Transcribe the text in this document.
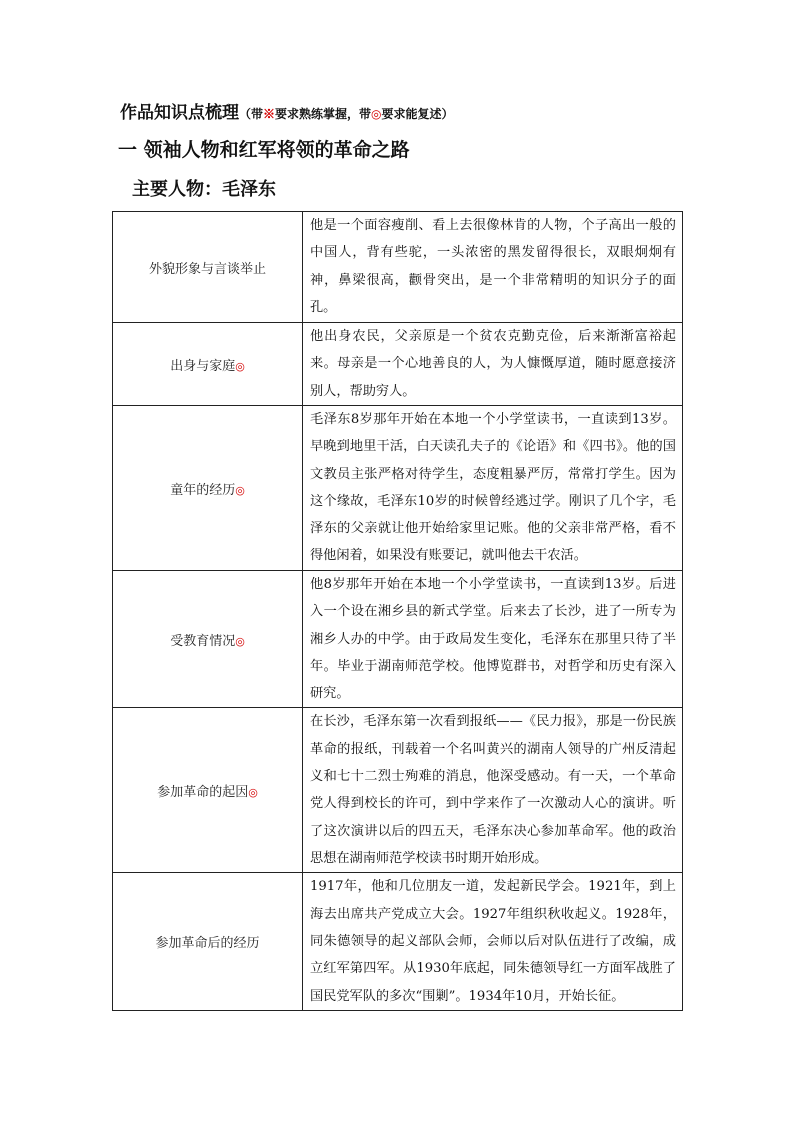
作品知识点梳理（带※要求熟练掌握，带◎要求能复述）
一 领袖人物和红军将领的革命之路
主要人物：毛泽东
外貌形象与言谈举止	他是一个面容瘦削、看上去很像林肯的人物，个子高出一般的中国人，背有些驼，一头浓密的黑发留得很长，双眼炯炯有神，鼻梁很高，颧骨突出，是一个非常精明的知识分子的面孔。
出身与家庭◎	他出身农民，父亲原是一个贫农克勤克俭，后来渐渐富裕起来。母亲是一个心地善良的人，为人慷慨厚道，随时愿意接济别人，帮助穷人。
童年的经历◎	毛泽东8岁那年开始在本地一个小学堂读书，一直读到13岁。早晚到地里干活，白天读孔夫子的《论语》和《四书》。他的国文教员主张严格对待学生，态度粗暴严厉，常常打学生。因为这个缘故，毛泽东10岁的时候曾经逃过学。刚识了几个字，毛泽东的父亲就让他开始给家里记账。他的父亲非常严格，看不得他闲着，如果没有账要记，就叫他去干农活。
受教育情况◎	他8岁那年开始在本地一个小学堂读书，一直读到13岁。后进入一个设在湘乡县的新式学堂。后来去了长沙，进了一所专为湘乡人办的中学。由于政局发生变化，毛泽东在那里只待了半年。毕业于湖南师范学校。他博览群书，对哲学和历史有深入研究。
参加革命的起因◎	在长沙，毛泽东第一次看到报纸——《民力报》，那是一份民族革命的报纸，刊载着一个名叫黄兴的湖南人领导的广州反清起义和七十二烈士殉难的消息，他深受感动。有一天，一个革命党人得到校长的许可，到中学来作了一次激动人心的演讲。听了这次演讲以后的四五天，毛泽东决心参加革命军。他的政治思想在湖南师范学校读书时期开始形成。
参加革命后的经历	1917年，他和几位朋友一道，发起新民学会。1921年，到上海去出席共产党成立大会。1927年组织秋收起义。1928年，同朱德领导的起义部队会师，会师以后对队伍进行了改编，成立红军第四军。从1930年底起，同朱德领导红一方面军战胜了国民党军队的多次“围剿”。1934年10月，开始长征。
